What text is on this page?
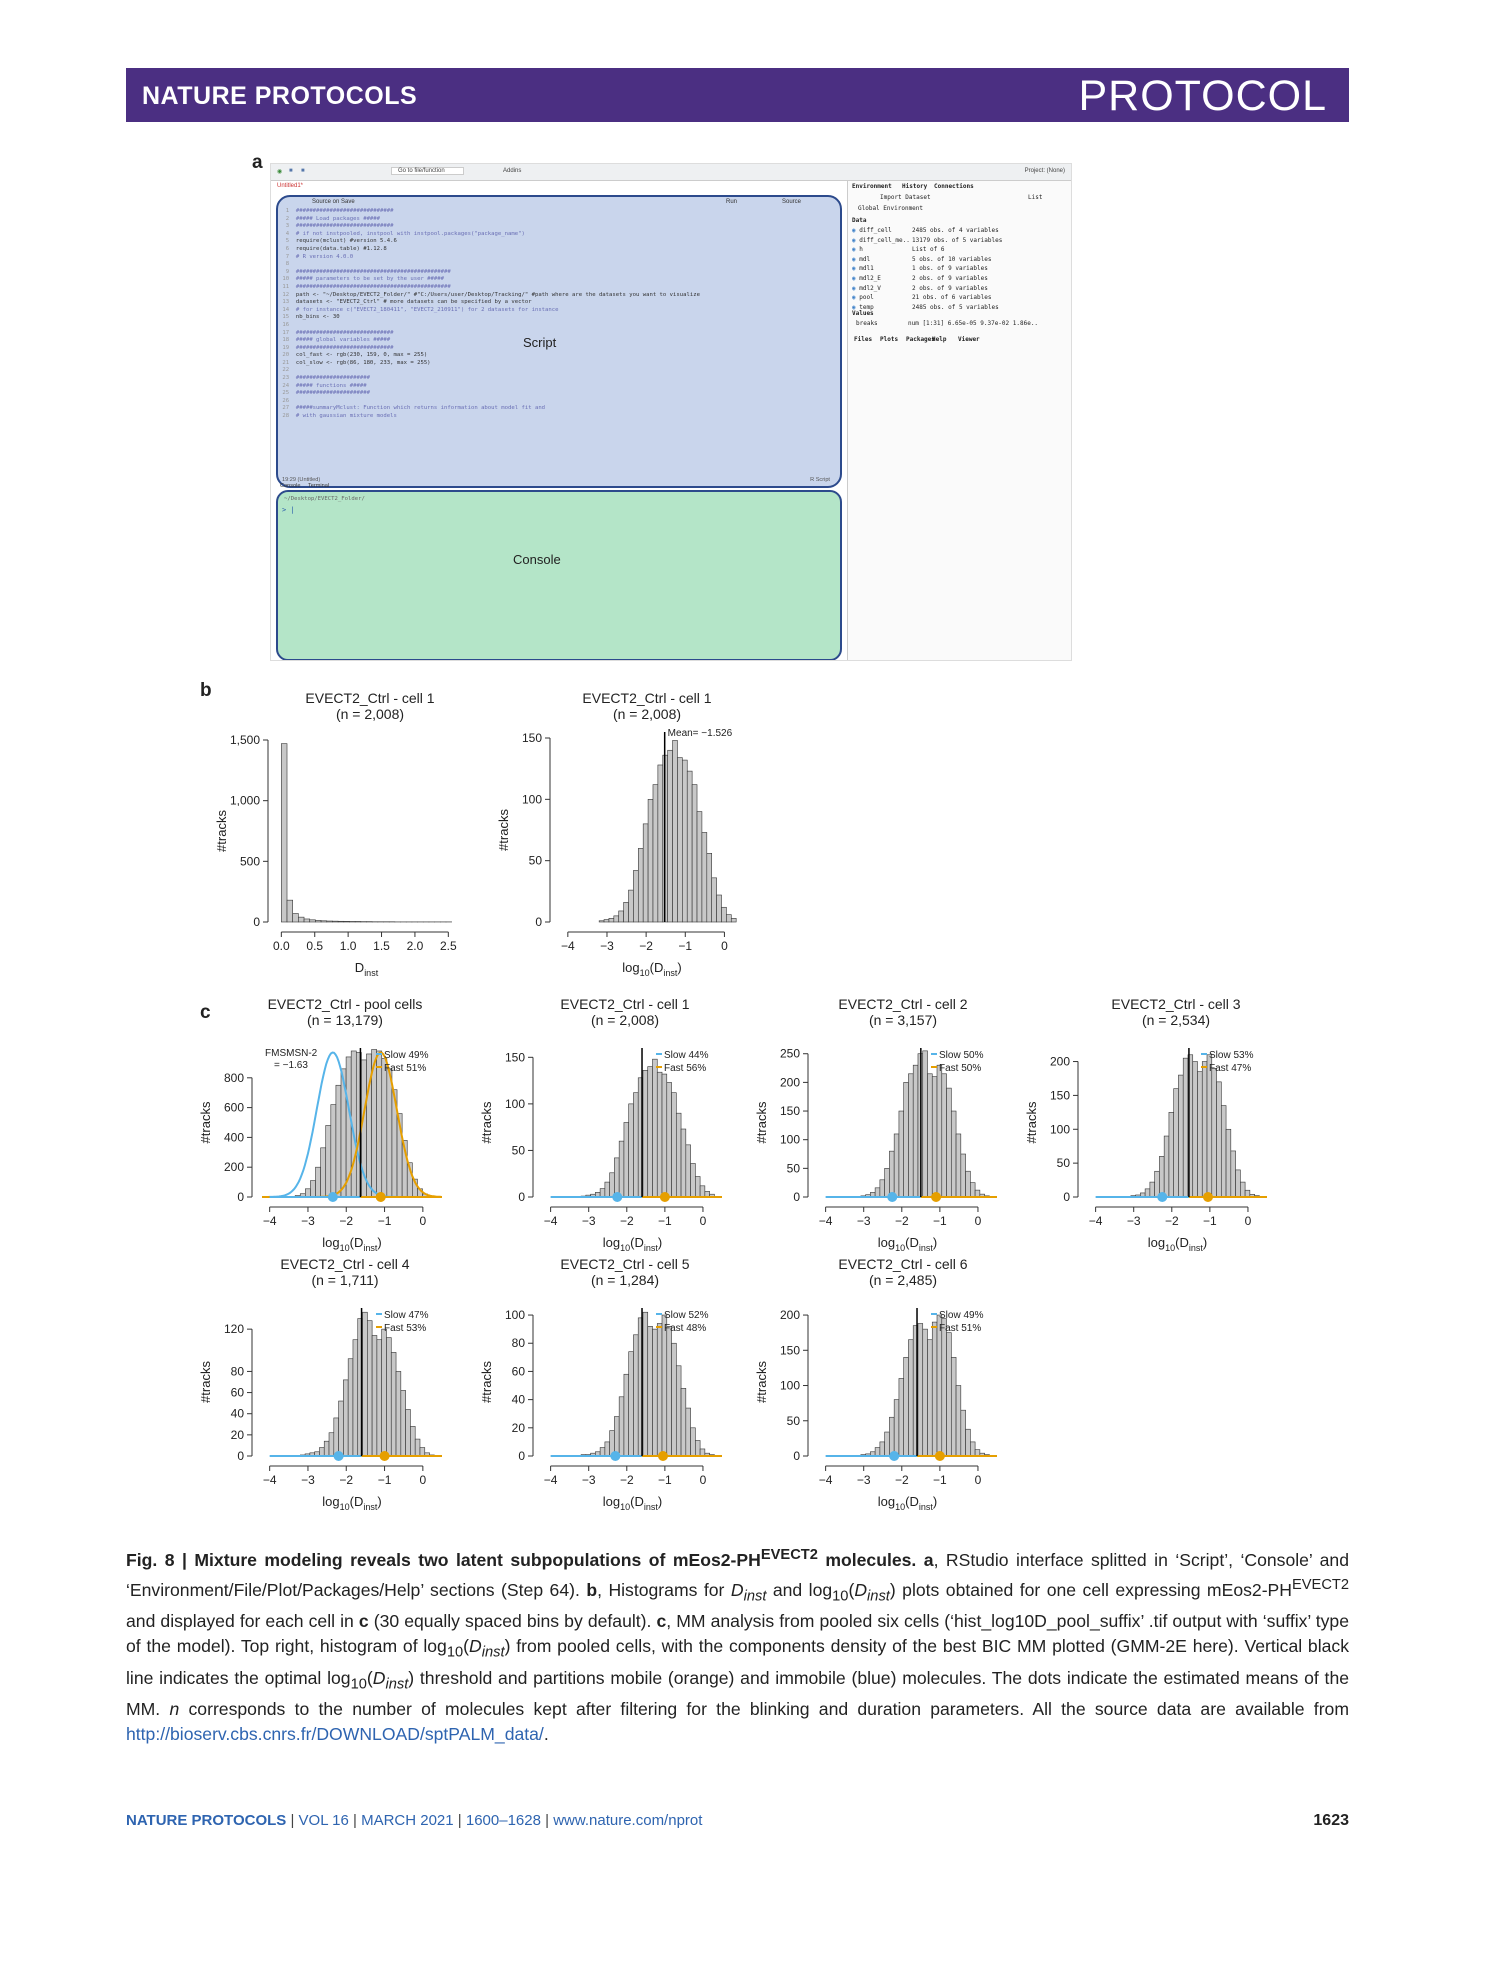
NATURE PROTOCOLS	PROTOCOL
a
b
c
◉ ■ ■	Go to file/function	Addins	Project: (None)
Untitled1*
Source on Save	Run	Source
Script
19:29 (Untitled)	R Script
1  #############################
2  ##### Load packages #####
3  #############################
4  # if not instpooled, instpool with instpool.packages("package_name")
5  require(mclust) #version 5.4.6
6  require(data.table) #1.12.8
7  # R version 4.0.0
8
9  ##############################################
10  ##### parameters to be set by the user #####
11  ##############################################
12  path <- "~/Desktop/EVECT2_Folder/" #"C:/Users/user/Desktop/Tracking/" #path where are the datasets you want to visualize
13  datasets <- "EVECT2_Ctrl" # more datasets can be specified by a vector
14  # for instance c("EVECT2_180411", "EVECT2_210911") for 2 datasets for instance
15  nb_bins <- 30
16
17  #############################
18  ##### global variables #####
19  #############################
20  col_fast <- rgb(230, 159, 0, max = 255)
21  col_slow <- rgb(86, 180, 233, max = 255)
22
23  ######################
24  ##### functions #####
25  ######################
26
27  #####summaryMclust: Function which returns information about model fit and
28  # with gaussian mixture models
Console Terminal
~/Desktop/EVECT2_Folder/
> |
Console
Environment History Connections
Import Dataset	List
Global Environment
Data
◉ diff_cell	2485 obs. of 4 variables
◉ diff_cell_me.. 13179 obs. of 5 variables
◉ h	List of 6
◉ mdl	5 obs. of 10 variables
◉ mdl1	1 obs. of 9 variables
◉ mdl2_E	2 obs. of 9 variables
◉ mdl2_V	2 obs. of 9 variables
◉ pool	21 obs. of 6 variables
◉ temp	2485 obs. of 5 variables
Values
breaks	num [1:31] 6.65e-05 9.37e-02 1.86e..
Files Plots Packages
Help Viewer
EVECT2_Ctrl - cell 1
(n = 2,008)
0
500
1,000
1,500
#tracks
0.0 0.5 1.0 1.5 2.0 2.5
$D_{inst}$
EVECT2_Ctrl - cell 1
(n = 2,008)
Mean= −1.526
0
50
100
150
#tracks
−4 −3 −2 −1 0
$\log_{10}(D_{inst})$
EVECT2_Ctrl - pool cells
(n = 13,179)
Slow 49%
Fast 51%
FMSMSN-2
= −1.63
0
200
400
600
800
#tracks
−4 −3 −2 −1 0
$\log_{10}(D_{inst})$
EVECT2_Ctrl - cell 1
(n = 2,008)
Slow 44%
Fast 56%
0
50
100
150
#tracks
−4 −3 −2 −1 0
$\log_{10}(D_{inst})$
EVECT2_Ctrl - cell 2
(n = 3,157)
Slow 50%
Fast 50%
0
50
100
150
200
250
#tracks
−4 −3 −2 −1 0
$\log_{10}(D_{inst})$
EVECT2_Ctrl - cell 3
(n = 2,534)
Slow 53%
Fast 47%
0
50
100
150
200
#tracks
−4 −3 −2 −1 0
$\log_{10}(D_{inst})$
EVECT2_Ctrl - cell 4
(n = 1,711)
Slow 47%
Fast 53%
0
20
40
60
80
120
#tracks
−4 −3 −2 −1 0
$\log_{10}(D_{inst})$
EVECT2_Ctrl - cell 5
(n = 1,284)
Slow 52%
Fast 48%
0
20
40
60
80
100
#tracks
−4 −3 −2 −1 0
$\log_{10}(D_{inst})$
EVECT2_Ctrl - cell 6
(n = 2,485)
Slow 49%
Fast 51%
0
50
100
150
200
#tracks
−4 −3 −2 −1 0
$\log_{10}(D_{inst})$
Fig. 8 | Mixture modeling reveals two latent subpopulations of $mEos2-PH^{EVECT2}$ molecules. a, RStudio interface splitted in ‘Script’, ‘Console’ and ‘Environment/File/Plot/Packages/Help’ sections (Step 64). b, Histograms for $D_{inst}$ and $\log_{10}(D_{inst})$ plots obtained for one cell expressing $mEos2-PH^{EVECT2}$ and displayed for each cell in c (30 equally spaced bins by default). c, MM analysis from pooled six cells (‘hist_log10D_pool_suffix’ .tif output with ‘suffix’ type of the model). Top right, histogram of $\log_{10}(D_{inst})$ from pooled cells, with the components density of the best BIC MM plotted (GMM-2E here). Vertical black line indicates the optimal $\log_{10}(D_{inst})$ threshold and partitions mobile (orange) and immobile (blue) molecules. The dots indicate the estimated means of the MM. n corresponds to the number of molecules kept after filtering for the blinking and duration parameters. All the source data are available from http://bioserv.cbs.cnrs.fr/DOWNLOAD/sptPALM_data/.
NATURE PROTOCOLS | VOL 16 | MARCH 2021 | 1600–1628 | www.nature.com/nprot	1623
